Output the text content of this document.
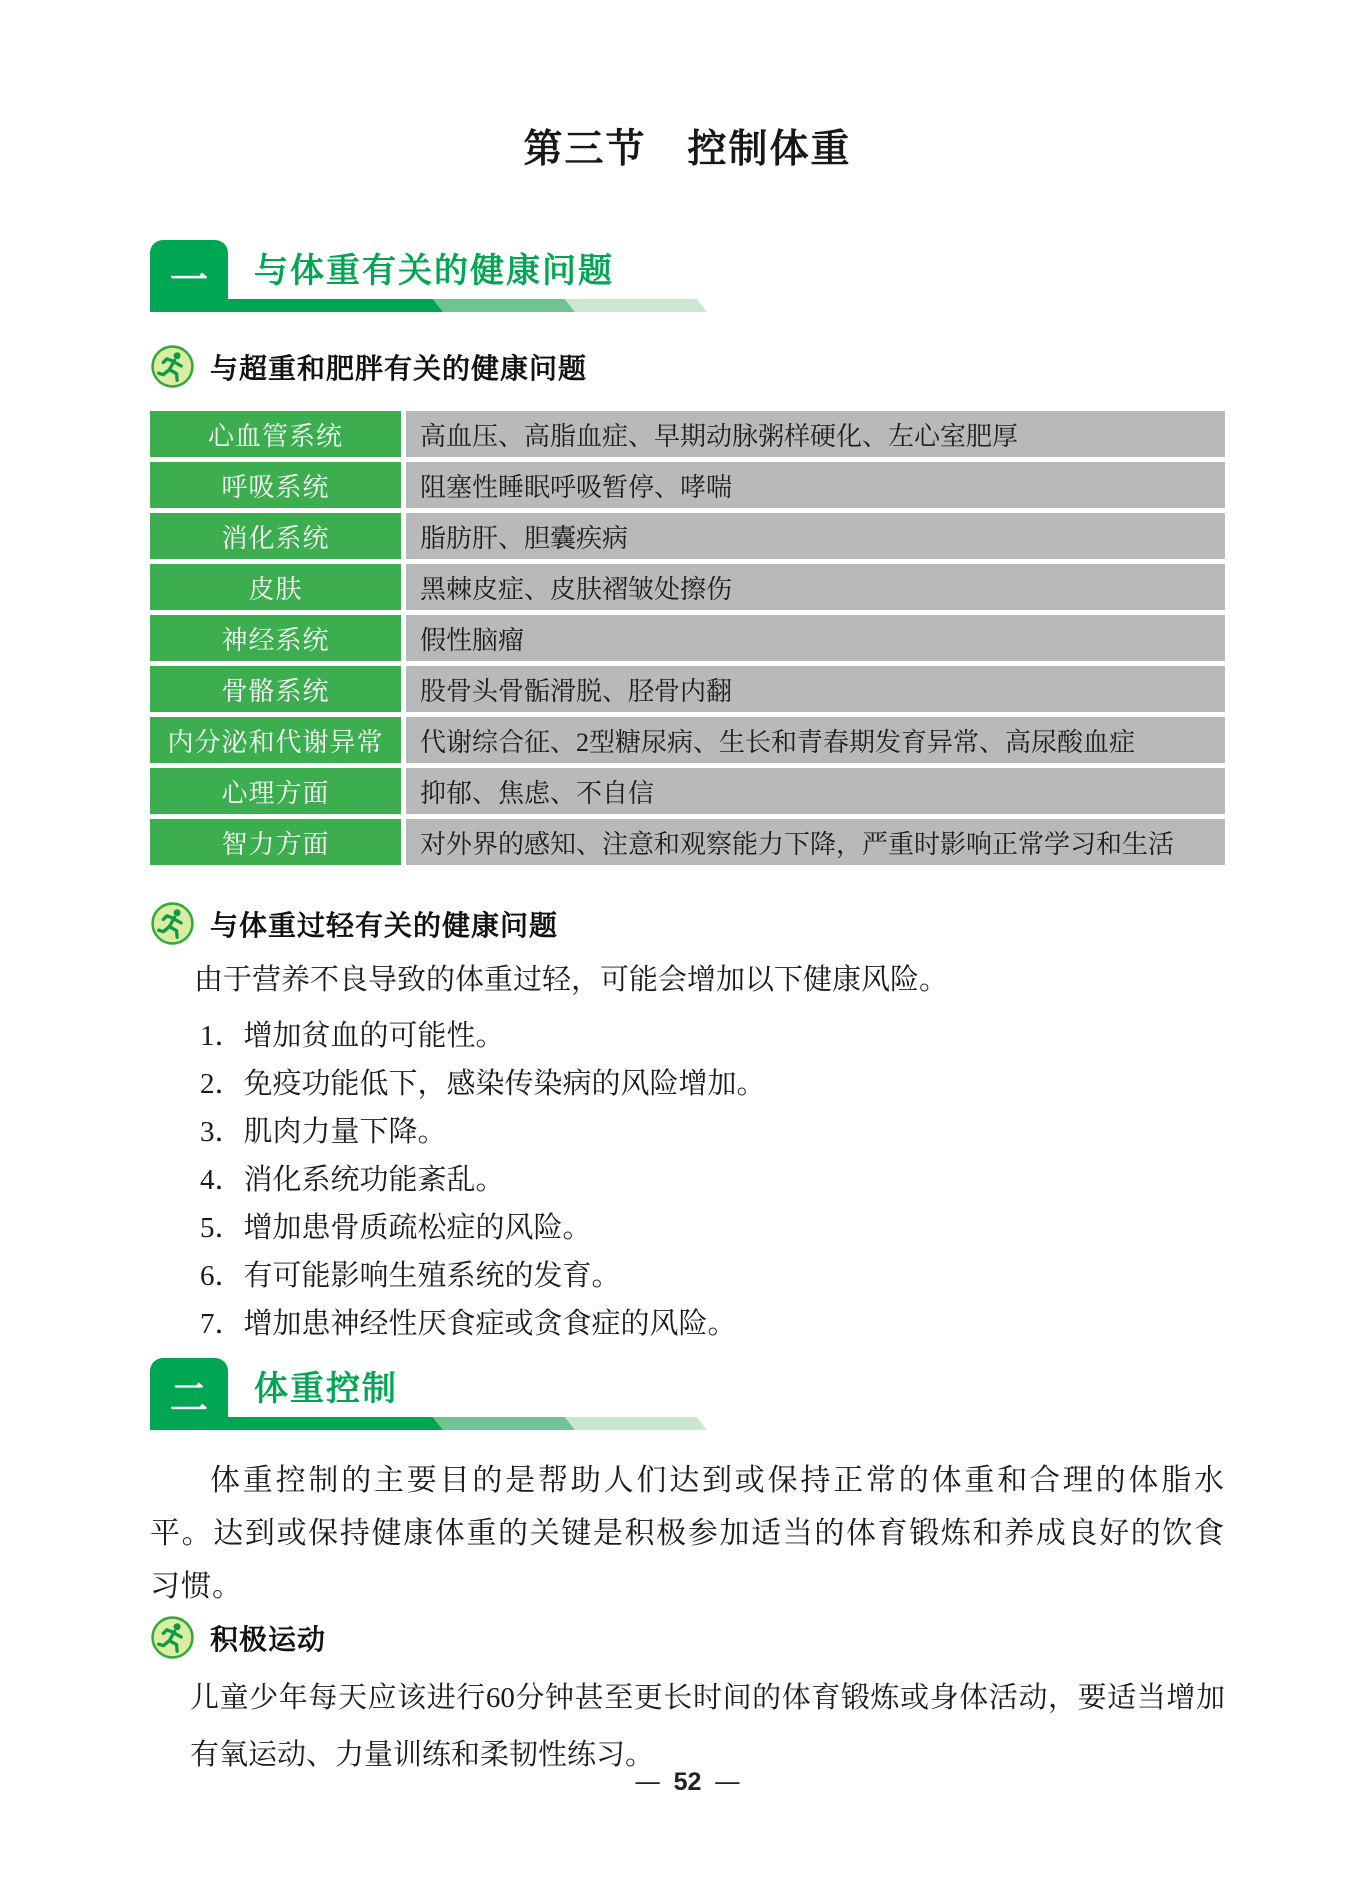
第三节　控制体重
一	与体重有关的健康问题
与超重和肥胖有关的健康问题
心血管系统	高血压、高脂血症、早期动脉粥样硬化、左心室肥厚
呼吸系统	阻塞性睡眠呼吸暂停、哮喘
消化系统	脂肪肝、胆囊疾病
皮肤	黑棘皮症、皮肤褶皱处擦伤
神经系统	假性脑瘤
骨骼系统	股骨头骨骺滑脱、胫骨内翻
内分泌和代谢异常	代谢综合征、2型糖尿病、生长和青春期发育异常、高尿酸血症
心理方面	抑郁、焦虑、不自信
智力方面	对外界的感知、注意和观察能力下降，严重时影响正常学习和生活
与体重过轻有关的健康问题

由于营养不良导致的体重过轻，可能会增加以下健康风险。

1．增加贫血的可能性。
2．免疫功能低下，感染传染病的风险增加。
3．肌肉力量下降。
4．消化系统功能紊乱。
5．增加患骨质疏松症的风险。
6．有可能影响生殖系统的发育。
7．增加患神经性厌食症或贪食症的风险。
二	体重控制

体重控制的主要目的是帮助人们达到或保持正常的体重和合理的体脂水平。达到或保持健康体重的关键是积极参加适当的体育锻炼和养成良好的饮食习惯。

积极运动

儿童少年每天应该进行60分钟甚至更长时间的体育锻炼或身体活动，要适当增加有氧运动、力量训练和柔韧性练习。

— 52 —
